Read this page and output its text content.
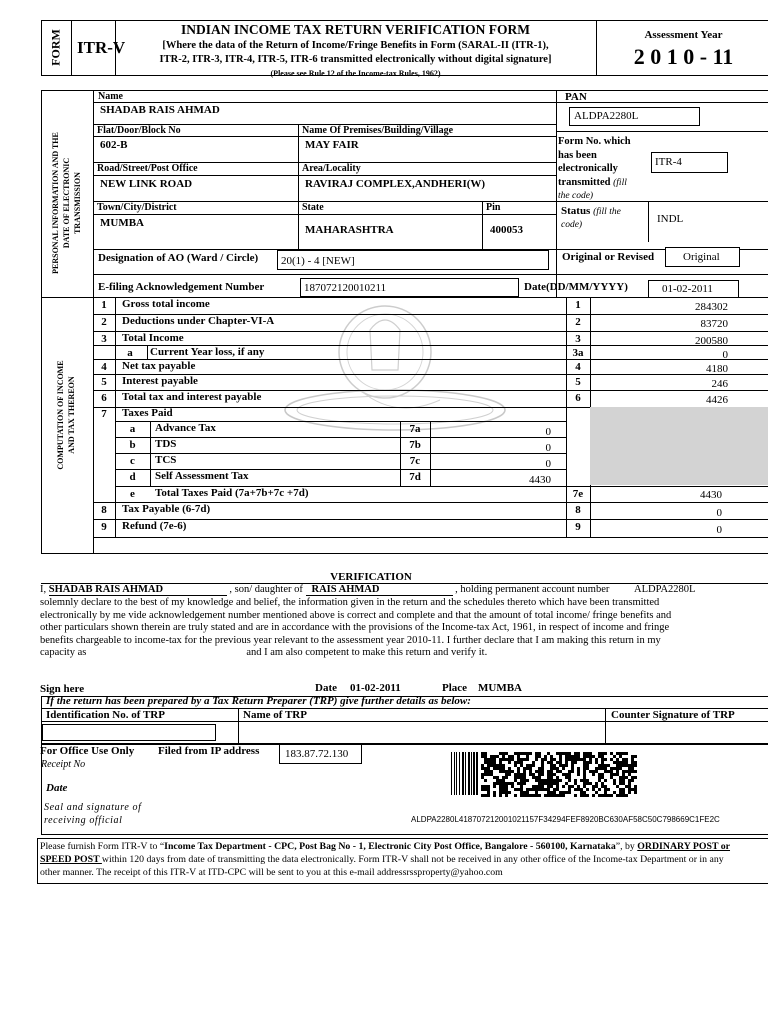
FORM ITR-V
INDIAN INCOME TAX RETURN VERIFICATION FORM
[Where the data of the Return of Income/Fringe Benefits in Form (SARAL-II (ITR-1),
ITR-2, ITR-3, ITR-4, ITR-5, ITR-6 transmitted electronically without digital signature]
(Please see Rule 12 of the Income-tax Rules, 1962)
Assessment Year
2 0 1 0 - 11
PERSONAL INFORMATION AND THE DATE OF ELECTRONIC TRANSMISSION
Name	PAN
SHADAB RAIS AHMAD	ALDPA2280L
Flat/Door/Block No	Name Of Premises/Building/Village
602-B	MAY FAIR	Form No. which
has been
electronically
transmitted (fill
the code)
ITR-4
Road/Street/Post Office	Area/Locality
NEW LINK ROAD	RAVIRAJ COMPLEX,ANDHERI(W)
Town/City/District	State	Pin
MUMBA
MAHARASHTRA	400053
Status (fill the
code)	INDL
Designation of AO (Ward / Circle) 20(1) - 4 [NEW]	Original or Revised	Original
E-filing Acknowledgement Number	187072120010211	Date(DD/MM/YYYY)	01-02-2011
COMPUTATION OF INCOME AND TAX THEREON
1	Gross total income	1	284302
2	Deductions under Chapter-VI-A	2	83720
3	Total Income	3	200580
a	Current Year loss, if any	3a	0
4	Net tax payable	4	4180
5	Interest payable	5	246
6	Total tax and interest payable	6	4426
7	Taxes Paid
a	Advance Tax	7a	0
b	TDS	7b	0
c	TCS	7c	0
d	Self Assessment Tax	7d	4430
e	Total Taxes Paid (7a+7b+7c +7d)	7e	4430
8	Tax Payable (6-7d)	8	0
9	Refund (7e-6)	9	0
VERIFICATION
I, SHADAB RAIS AHMAD	, son/ daughter of RAIS AHMAD	, holding permanent account number ALDPA2280L
solemnly declare to the best of my knowledge and belief, the information given in the return and the schedules thereto which have been transmitted
electronically by me vide acknowledgement number mentioned above is correct and complete and that the amount of total income/ fringe benefits and
other particulars shown therein are truly stated and are in accordance with the provisions of the Income-tax Act, 1961, in respect of income and fringe
benefits chargeable to income-tax for the previous year relevant to the assessment year 2010-11. I further declare that I am making this return in my
capacity as	and I am also competent to make this return and verify it.
Sign here	Date 01-02-2011	Place MUMBA
If the return has been prepared by a Tax Return Preparer (TRP) give further details as below:
Identification No. of TRP	Name of TRP	Counter Signature of TRP
For Office Use Only
Receipt No
Date
Seal and signature of
receiving official
Filed from IP address 183.87.72.130
ALDPA2280L4187072120010211​57F34294FEF8920BC630AF58C50C798669C1FE2C
Please furnish Form ITR-V to “Income Tax Department - CPC, Post Bag No - 1, Electronic City Post Office, Bangalore - 560100, Karnataka”, by ORDINARY POST or
SPEED POST within 120 days from date of transmitting the data electronically. Form ITR-V shall not be received in any other office of the Income-tax Department or in any
other manner. The receipt of this ITR-V at ITD-CPC will be sent to you at this e-mail addressrssproperty@yahoo.com
